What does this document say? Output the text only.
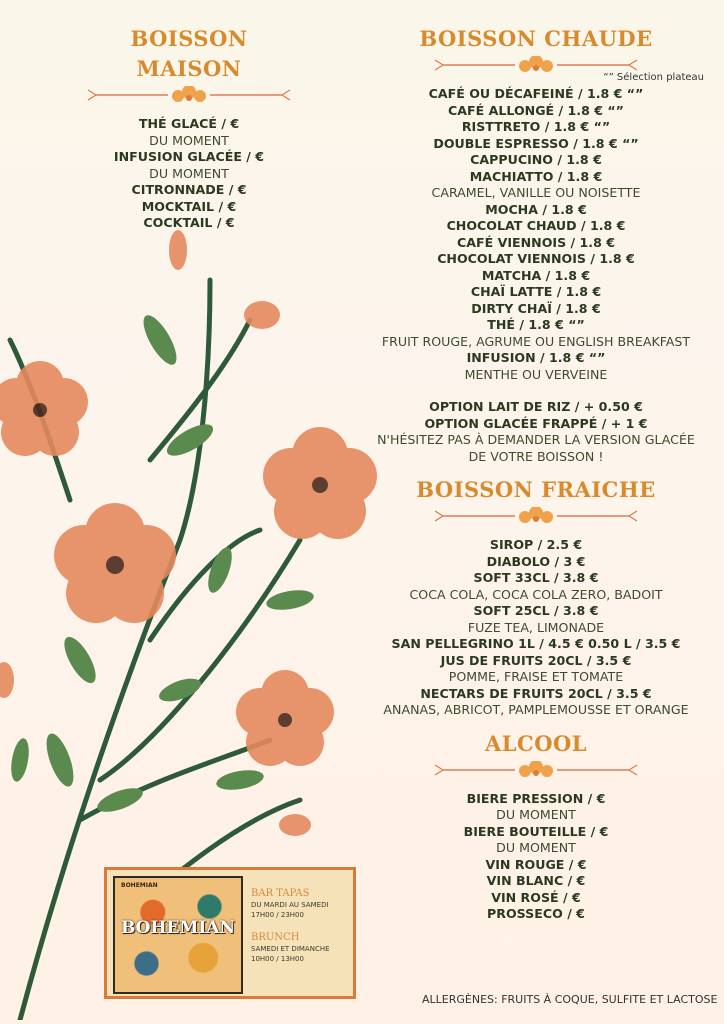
BOISSON MAISON
THÉ GLACÉ / €
DU MOMENT
INFUSION GLACÉE / €
DU MOMENT
CITRONNADE / €
MOCKTAIL / €
COCKTAIL / €
BOISSON CHAUDE
CAFÉ OU DÉCAFEINÉ / 1.8 € “”
CAFÉ ALLONGÉ / 1.8 € “”
RISTTRETO / 1.8 € “”
DOUBLE ESPRESSO / 1.8 € “”
CAPPUCINO / 1.8 €
MACHIATTO / 1.8 €
CARAMEL, VANILLE OU NOISETTE
MOCHA / 1.8 €
CHOCOLAT CHAUD / 1.8 €
CAFÉ VIENNOIS / 1.8 €
CHOCOLAT VIENNOIS / 1.8 €
MATCHA / 1.8 €
CHAÏ LATTE / 1.8 €
DIRTY CHAÏ / 1.8 €
THÉ / 1.8 € “”
FRUIT ROUGE, AGRUME OU ENGLISH BREAKFAST
INFUSION / 1.8 € “”
MENTHE OU VERVEINE
OPTION LAIT DE RIZ / + 0.50 €
OPTION GLACÉE FRAPPÉ / + 1 €
N'HÉSITEZ PAS À DEMANDER LA VERSION GLACÉE
DE VOTRE BOISSON !
BOISSON FRAICHE
SIROP / 2.5 €
DIABOLO / 3 €
SOFT 33CL / 3.8 €
COCA COLA, COCA COLA ZERO, BADOIT
SOFT 25CL / 3.8 €
FUZE TEA, LIMONADE
SAN PELLEGRINO 1L / 4.5 € 0.50 L / 3.5 €
JUS DE FRUITS 20CL / 3.5 €
POMME, FRAISE ET TOMATE
NECTARS DE FRUITS 20CL / 3.5 €
ANANAS, ABRICOT, PAMPLEMOUSSE ET ORANGE
ALCOOL
BIERE PRESSION / €
DU MOMENT
BIERE BOUTEILLE / €
DU MOMENT
VIN ROUGE / €
VIN BLANC / €
VIN ROSÉ / €
PROSSECO / €
“” Sélection plateau
BOHEMIAN
BOHEMIAN
BAR TAPAS
DU MARDI AU SAMEDI
17H00 / 23H00
BRUNCH
SAMEDI ET DIMANCHE
10H00 / 13H00
ALLERGÈNES: FRUITS À COQUE, SULFITE ET LACTOSE
